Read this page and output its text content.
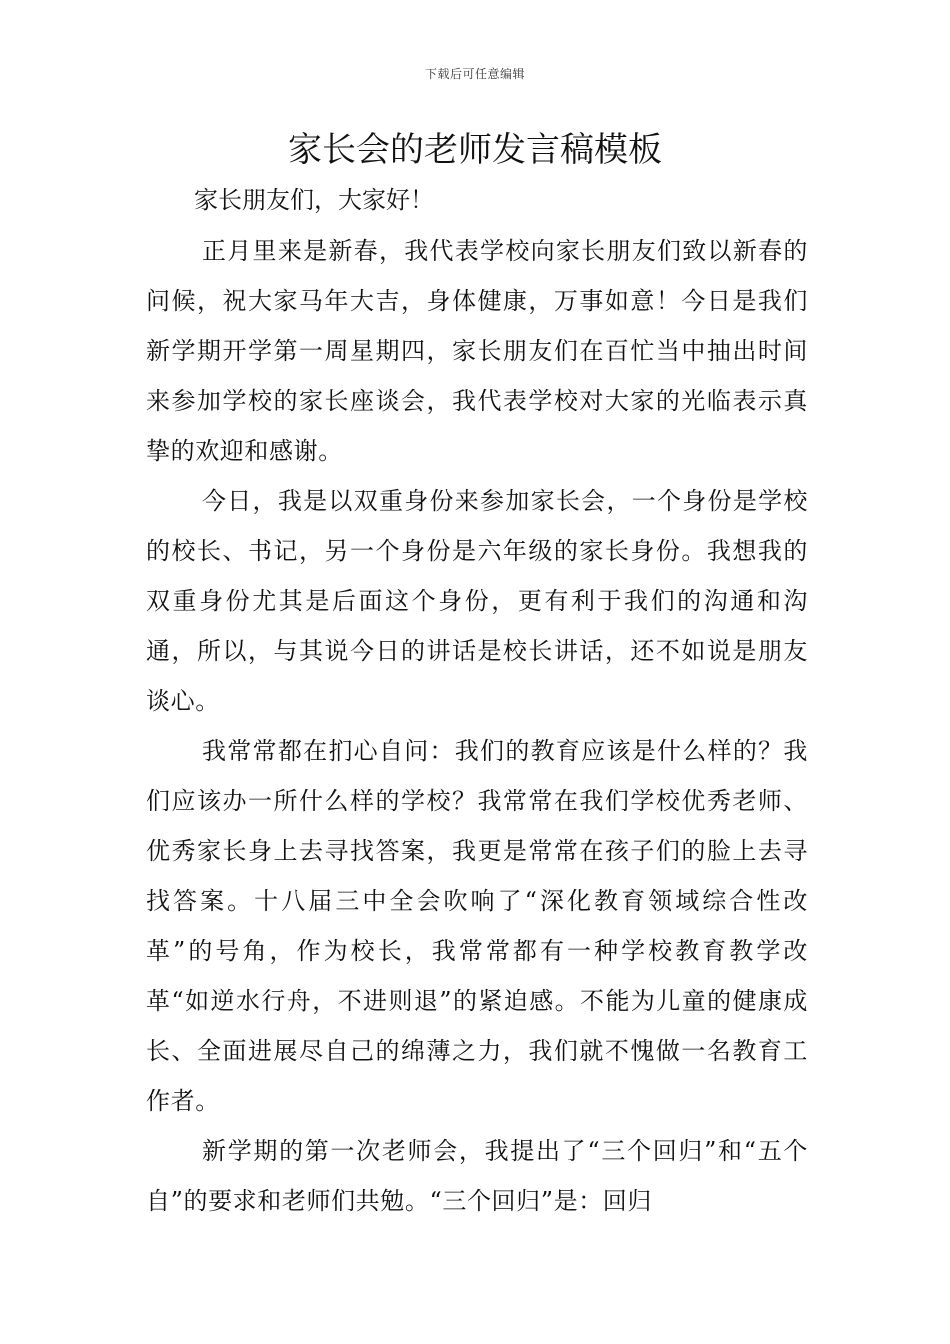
下载后可任意编辑
家长会的老师发言稿模板

家长朋友们，大家好！

正月里来是新春，我代表学校向家长朋友们致以新春的问候，祝大家马年大吉，身体健康，万事如意！今日是我们新学期开学第一周星期四，家长朋友们在百忙当中抽出时间来参加学校的家长座谈会，我代表学校对大家的光临表示真挚的欢迎和感谢。

今日，我是以双重身份来参加家长会，一个身份是学校的校长、书记，另一个身份是六年级的家长身份。我想我的双重身份尤其是后面这个身份，更有利于我们的沟通和沟通，所以，与其说今日的讲话是校长讲话，还不如说是朋友谈心。

我常常都在扪心自问：我们的教育应该是什么样的？我们应该办一所什么样的学校？我常常在我们学校优秀老师、优秀家长身上去寻找答案，我更是常常在孩子们的脸上去寻找答案。十八届三中全会吹响了“深化教育领域综合性改革”的号角，作为校长，我常常都有一种学校教育教学改革“如逆水行舟，不进则退”的紧迫感。不能为儿童的健康成长、全面进展尽自己的绵薄之力，我们就不愧做一名教育工作者。

新学期的第一次老师会，我提出了“三个回归”和“五个自”的要求和老师们共勉。“三个回归”是：回归
